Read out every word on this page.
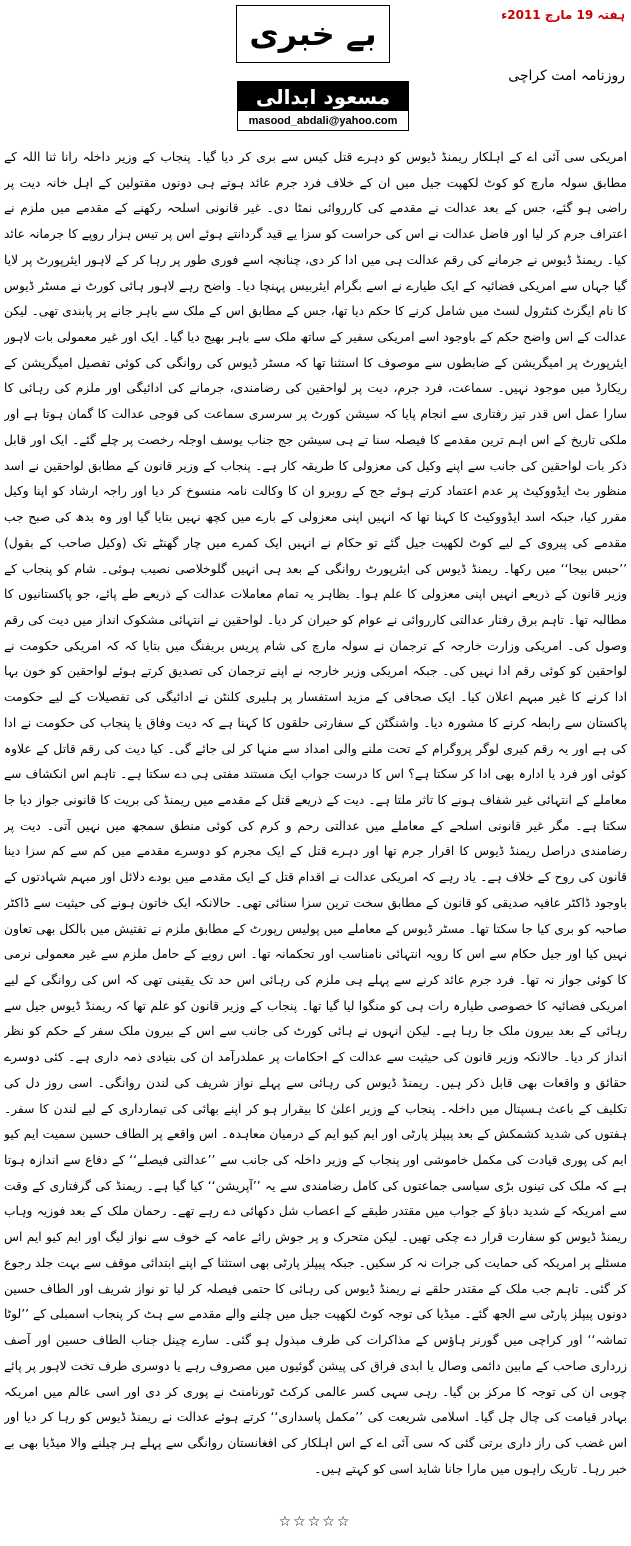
ہفتہ 19 مارچ 2011ء
بے خبری
روزنامہ امت کراچی
مسعود ابدالی
masood_abdali@yahoo.com
امریکی سی آئی اے کے اہلکار ریمنڈ ڈیوس کو دہرے قتل کیس سے بری کر دیا گیا۔ پنجاب کے وزیر داخلہ رانا ثنا اللہ کے مطابق سولہ مارچ کو کوٹ لکھپت جیل میں ان کے خلاف فرد جرم عائد ہوتے ہی دونوں مقتولین کے اہل خانہ دیت پر راضی ہو گئے، جس کے بعد عدالت نے مقدمے کی کارروائی نمٹا دی۔ غیر قانونی اسلحہ رکھنے کے مقدمے میں ملزم نے اعتراف جرم کر لیا اور فاضل عدالت نے اس کی حراست کو سزا یے قید گردانتے ہوئے اس پر تیس ہزار روپے کا جرمانہ عائد کیا۔ ریمنڈ ڈیوس نے جرمانے کی رقم عدالت ہی میں ادا کر دی، چنانچہ اسے فوری طور پر رہا کر کے لاہور ایئرپورٹ پر لایا گیا جہاں سے امریکی فضائیہ کے ایک طیارے نے اسے بگرام ایئربیس پہنچا دیا۔ واضح رہے لاہور ہائی کورٹ نے مسٹر ڈیوس کا نام ایگزٹ کنٹرول لسٹ میں شامل کرنے کا حکم دیا تھا، جس کے مطابق اس کے ملک سے باہر جانے پر پابندی تھی۔ لیکن عدالت کے اس واضح حکم کے باوجود اسے امریکی سفیر کے ساتھ ملک سے باہر بھیج دیا گیا۔ ایک اور غیر معمولی بات لاہور ایئرپورٹ پر امیگریشن کے ضابطوں سے موصوف کا استثنا تھا کہ مسٹر ڈیوس کی روانگی کی کوئی تفصیل امیگریشن کے ریکارڈ میں موجود نہیں۔ سماعت، فرد جرم، دیت پر لواحقین کی رضامندی، جرمانے کی ادائیگی اور ملزم کی رہائی کا سارا عمل اس قدر تیز رفتاری سے انجام پایا کہ سیشن کورٹ پر سرسری سماعت کی فوجی عدالت کا گمان ہوتا ہے اور ملکی تاریخ کے اس اہم ترین مقدمے کا فیصلہ سنا تے ہی سیشن جج جناب یوسف اوجلہ رخصت پر چلے گئے۔ ایک اور قابل ذکر بات لواحقین کی جانب سے اپنے وکیل کی معزولی کا طریقہ کار ہے۔ پنجاب کے وزیر قانون کے مطابق لواحقین نے اسد منظور بٹ ایڈووکیٹ پر عدم اعتماد کرتے ہوئے جج کے روبرو ان کا وکالت نامہ منسوخ کر دیا اور راجہ ارشاد کو اپنا وکیل مقرر کیا، جبکہ اسد ایڈووکیٹ کا کہنا تھا کہ انہیں اپنی معزولی کے بارے میں کچھ نہیں بتایا گیا اور وہ بدھ کی صبح جب مقدمے کی پیروی کے لیے کوٹ لکھپت جیل گئے تو حکام نے انہیں ایک کمرے میں چار گھنٹے تک (وکیل صاحب کے بقول) ’’حبس بیجا‘‘ میں رکھا۔ ریمنڈ ڈیوس کی ایئرپورٹ روانگی کے بعد ہی انہیں گلوخلاصی نصیب ہوئی۔ شام کو پنجاب کے وزیر قانون کے ذریعے انہیں اپنی معزولی کا علم ہوا۔ بظاہر یہ تمام معاملات عدالت کے ذریعے طے پائے، جو پاکستانیوں کا مطالبہ تھا۔ تاہم برق رفتار عدالتی کارروائی نے عوام کو حیران کر دیا۔ لواحقین نے انتہائی مشکوک انداز میں دیت کی رقم وصول کی۔ امریکی وزارت خارجہ کے ترجمان نے سولہ مارچ کی شام پریس بریفنگ میں بتایا کہ کہ امریکی حکومت نے لواحقین کو کوئی رقم ادا نہیں کی۔ جبکہ امریکی وزیر خارجہ نے اپنے ترجمان کی تصدیق کرتے ہوئے لواحقین کو خون بہا ادا کرنے کا غیر مبہم اعلان کیا۔ ایک صحافی کے مزید استفسار پر ہلیری کلنٹن نے ادائیگی کی تفصیلات کے لیے حکومت پاکستان سے رابطہ کرنے کا مشورہ دیا۔ واشنگٹن کے سفارتی حلقوں کا کہنا ہے کہ دیت وفاق یا پنجاب کی حکومت نے ادا کی ہے اور یہ رقم کیری لوگر پروگرام کے تحت ملنے والی امداد سے منہا کر لی جائے گی۔ کیا دیت کی رقم قاتل کے علاوہ کوئی اور فرد یا ادارہ بھی ادا کر سکتا ہے؟ اس کا درست جواب ایک مستند مفتی ہی دے سکتا ہے۔ تاہم اس انکشاف سے معاملے کے انتہائی غیر شفاف ہونے کا تاثر ملتا ہے۔ دیت کے ذریعے قتل کے مقدمے میں ریمنڈ کی بریت کا قانونی جواز دیا جا سکتا ہے۔ مگر غیر قانونی اسلحے کے معاملے میں عدالتی رحم و کرم کی کوئی منطق سمجھ میں نہیں آتی۔ دیت پر رضامندی دراصل ریمنڈ ڈیوس کا اقرار جرم تھا اور دہرے قتل کے ایک مجرم کو دوسرے مقدمے میں کم سے کم سزا دینا قانون کی روح کے خلاف ہے۔ یاد رہے کہ امریکی عدالت نے اقدام قتل کے ایک مقدمے میں بودے دلائل اور مبہم شہادتوں کے باوجود ڈاکٹر عافیہ صدیقی کو قانون کے مطابق سخت ترین سزا سنائی تھی۔ حالانکہ ایک خاتون ہونے کی حیثیت سے ڈاکٹر صاحبہ کو بری کیا جا سکتا تھا۔ مسٹر ڈیوس کے معاملے میں پولیس رپورٹ کے مطابق ملزم نے تفتیش میں بالکل بھی تعاون نہیں کیا اور جیل حکام سے اس کا رویہ انتہائی نامناسب اور تحکمانہ تھا۔ اس رویے کے حامل ملزم سے غیر معمولی نرمی کا کوئی جواز نہ تھا۔ فرد جرم عائد کرنے سے پہلے ہی ملزم کی رہائی اس حد تک یقینی تھی کہ اس کی روانگی کے لیے امریکی فضائیہ کا خصوصی طیارہ رات ہی کو منگوا لیا گیا تھا۔ پنجاب کے وزیر قانون کو علم تھا کہ ریمنڈ ڈیوس جیل سے رہائی کے بعد بیرون ملک جا رہا ہے۔ لیکن انہوں نے ہائی کورٹ کی جانب سے اس کے بیرون ملک سفر کے حکم کو نظر انداز کر دیا۔ حالانکہ وزیر قانون کی حیثیت سے عدالت کے احکامات پر عملدرآمد ان کی بنیادی ذمہ داری ہے۔ کئی دوسرے حقائق و واقعات بھی قابل ذکر ہیں۔ ریمنڈ ڈیوس کی رہائی سے پہلے نواز شریف کی لندن روانگی۔ اسی روز دل کی تکلیف کے باعث ہسپتال میں داخلہ۔ پنجاب کے وزیر اعلیٰ کا بیقرار ہو کر اپنے بھائی کی تیمارداری کے لیے لندن کا سفر۔ ہفتوں کی شدید کشمکش کے بعد پیپلز پارٹی اور ایم کیو ایم کے درمیان معاہدہ۔ اس واقعے پر الطاف حسین سمیت ایم کیو ایم کی پوری قیادت کی مکمل خاموشی اور پنجاب کے وزیر داخلہ کی جانب سے ’’عدالتی فیصلے‘‘ کے دفاع سے اندازہ ہوتا ہے کہ ملک کی تینوں بڑی سیاسی جماعتوں کی کامل رضامندی سے یہ ’’آپریشن‘‘ کیا گیا ہے۔ ریمنڈ کی گرفتاری کے وقت سے امریکہ کے شدید دباؤ کے جواب میں مقتدر طبقے کے اعصاب شل دکھائی دے رہے تھے۔ رحمان ملک کے بعد فوزیہ وہاب ریمنڈ ڈیوس کو سفارت قرار دے چکی تھیں۔ لیکن متحرک و پر جوش رائے عامہ کے خوف سے نواز لیگ اور ایم کیو ایم اس مسئلے پر امریکہ کی حمایت کی جرات نہ کر سکیں۔ جبکہ پیپلز پارٹی بھی استثنا کے اپنے ابتدائی موقف سے بہت جلد رجوع کر گئی۔ تاہم جب ملک کے مقتدر حلقے نے ریمنڈ ڈیوس کی رہائی کا حتمی فیصلہ کر لیا تو نواز شریف اور الطاف حسین دونوں پیپلز پارٹی سے الجھ گئے۔ میڈیا کی توجہ کوٹ لکھپت جیل میں چلنے والے مقدمے سے ہٹ کر پنجاب اسمبلی کے ’’لوٹا تماشہ‘‘ اور کراچی میں گورنر ہاؤس کے مذاکرات کی طرف مبذول ہو گئی۔ سارے چینل جناب الطاف حسین اور آصف زرداری صاحب کے مابین دائمی وصال یا ابدی فراق کی پیشن گوئیوں میں مصروف رہے یا دوسری طرف تخت لاہور پر پائے چوبی ان کی توجہ کا مرکز بن گیا۔ رہی سہی کسر عالمی کرکٹ ٹورنامنٹ نے پوری کر دی اور اسی عالم میں امریکہ بہادر قیامت کی چال چل گیا۔ اسلامی شریعت کی ’’مکمل پاسداری‘‘ کرتے ہوئے عدالت نے ریمنڈ ڈیوس کو رہا کر دیا اور اس غضب کی راز داری برتی گئی کہ سی آئی اے کے اس اہلکار کی افغانستان روانگی سے پہلے ہر چیلنے والا میڈیا بھی بے خبر رہا۔ تاریک راہوں میں مارا جانا شاید اسی کو کہتے ہیں۔
☆☆☆☆☆
